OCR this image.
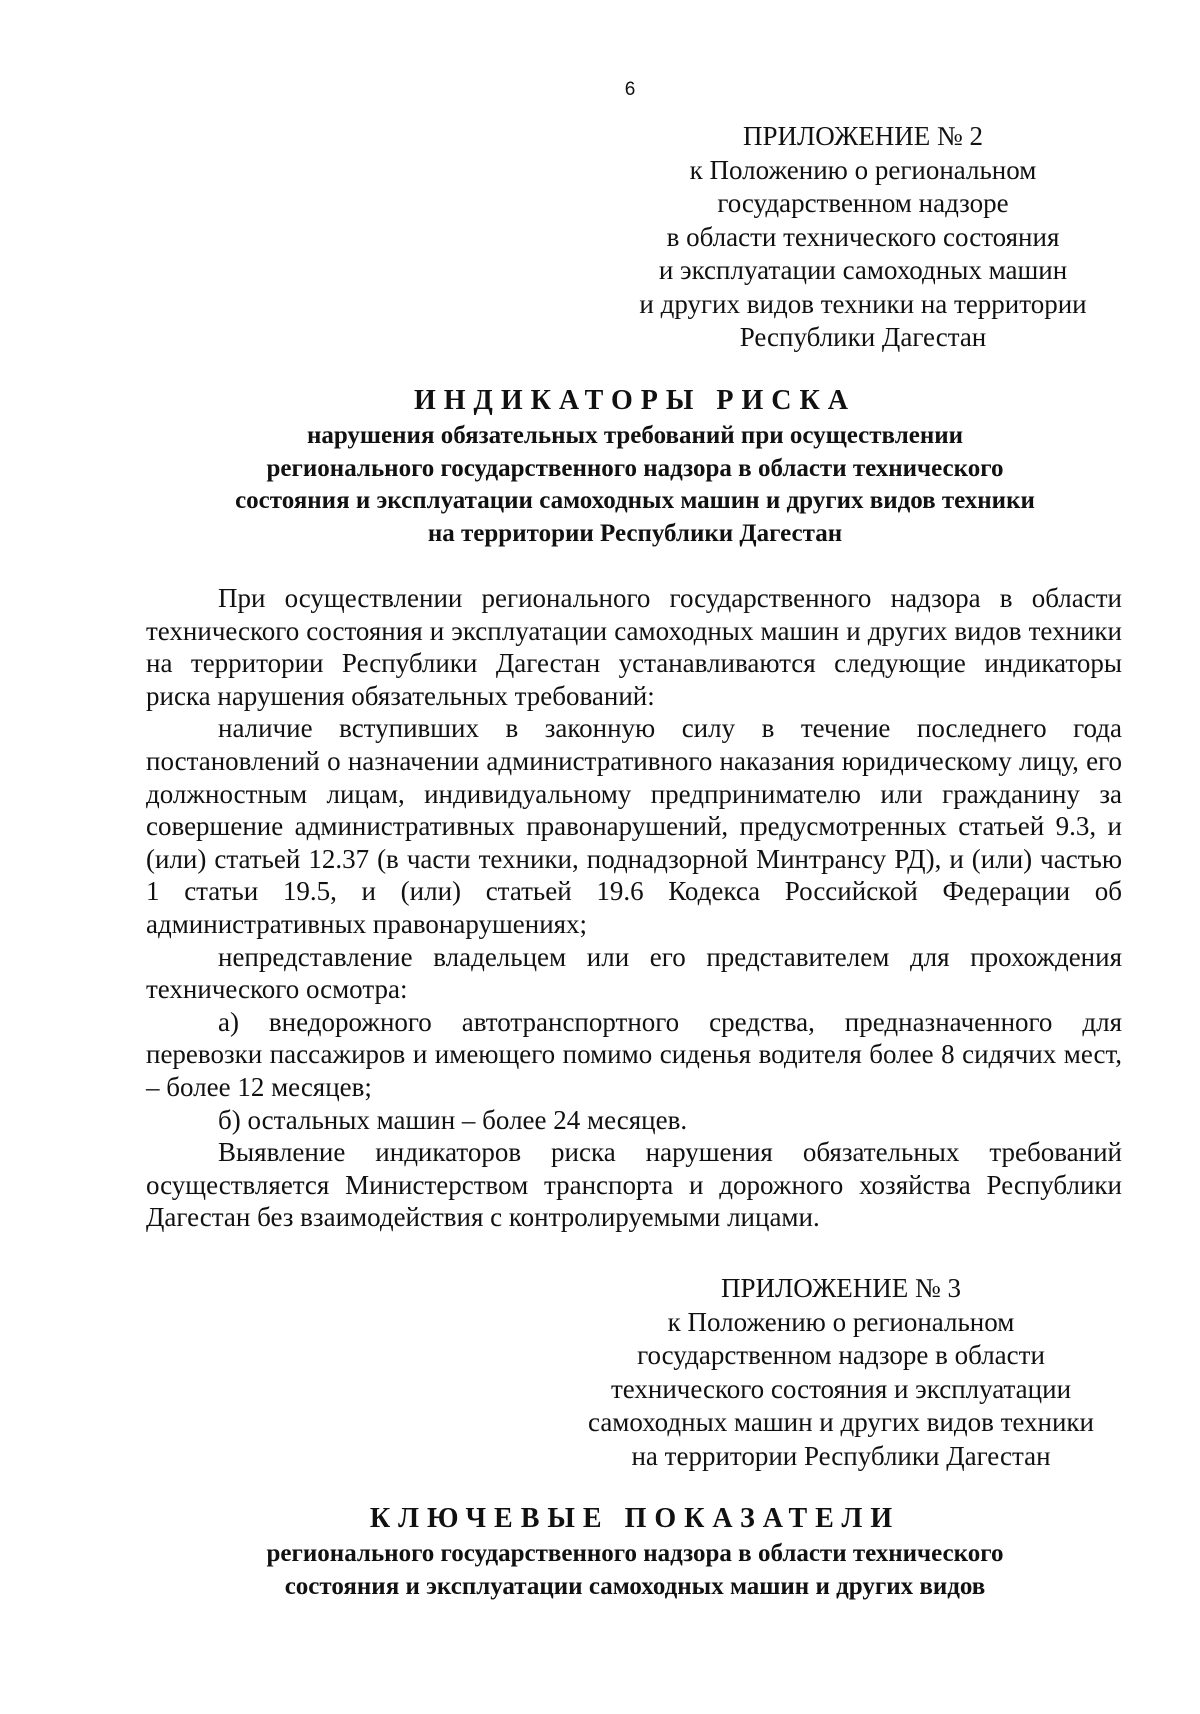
6
ПРИЛОЖЕНИЕ № 2
к Положению о региональном
государственном надзоре
в области технического состояния
и эксплуатации самоходных машин
и других видов техники на территории
Республики Дагестан
ИНДИКАТОРЫ РИСКА
нарушения обязательных требований при осуществлении
регионального государственного надзора в области технического
состояния и эксплуатации самоходных машин и других видов техники
на территории Республики Дагестан

При осуществлении регионального государственного надзора в области технического состояния и эксплуатации самоходных машин и других видов техники на территории Республики Дагестан устанавливаются следующие индикаторы риска нарушения обязательных требований:

наличие вступивших в законную силу в течение последнего года постановлений о назначении административного наказания юридическому лицу, его должностным лицам, индивидуальному предпринимателю или гражданину за совершение административных правонарушений, предусмотренных статьей 9.3, и (или) статьей 12.37 (в части техники, поднадзорной Минтрансу РД), и (или) частью 1 статьи 19.5, и (или) статьей 19.6 Кодекса Российской Федерации об административных правонарушениях;

непредставление владельцем или его представителем для прохождения технического осмотра:

а) внедорожного автотранспортного средства, предназначенного для перевозки пассажиров и имеющего помимо сиденья водителя более 8 сидячих мест, – более 12 месяцев;

б) остальных машин – более 24 месяцев.

Выявление индикаторов риска нарушения обязательных требований осуществляется Министерством транспорта и дорожного хозяйства Республики Дагестан без взаимодействия с контролируемыми лицами.

ПРИЛОЖЕНИЕ № 3
к Положению о региональном
государственном надзоре в области
технического состояния и эксплуатации
самоходных машин и других видов техники
на территории Республики Дагестан
КЛЮЧЕВЫЕ ПОКАЗАТЕЛИ
регионального государственного надзора в области технического
состояния и эксплуатации самоходных машин и других видов
